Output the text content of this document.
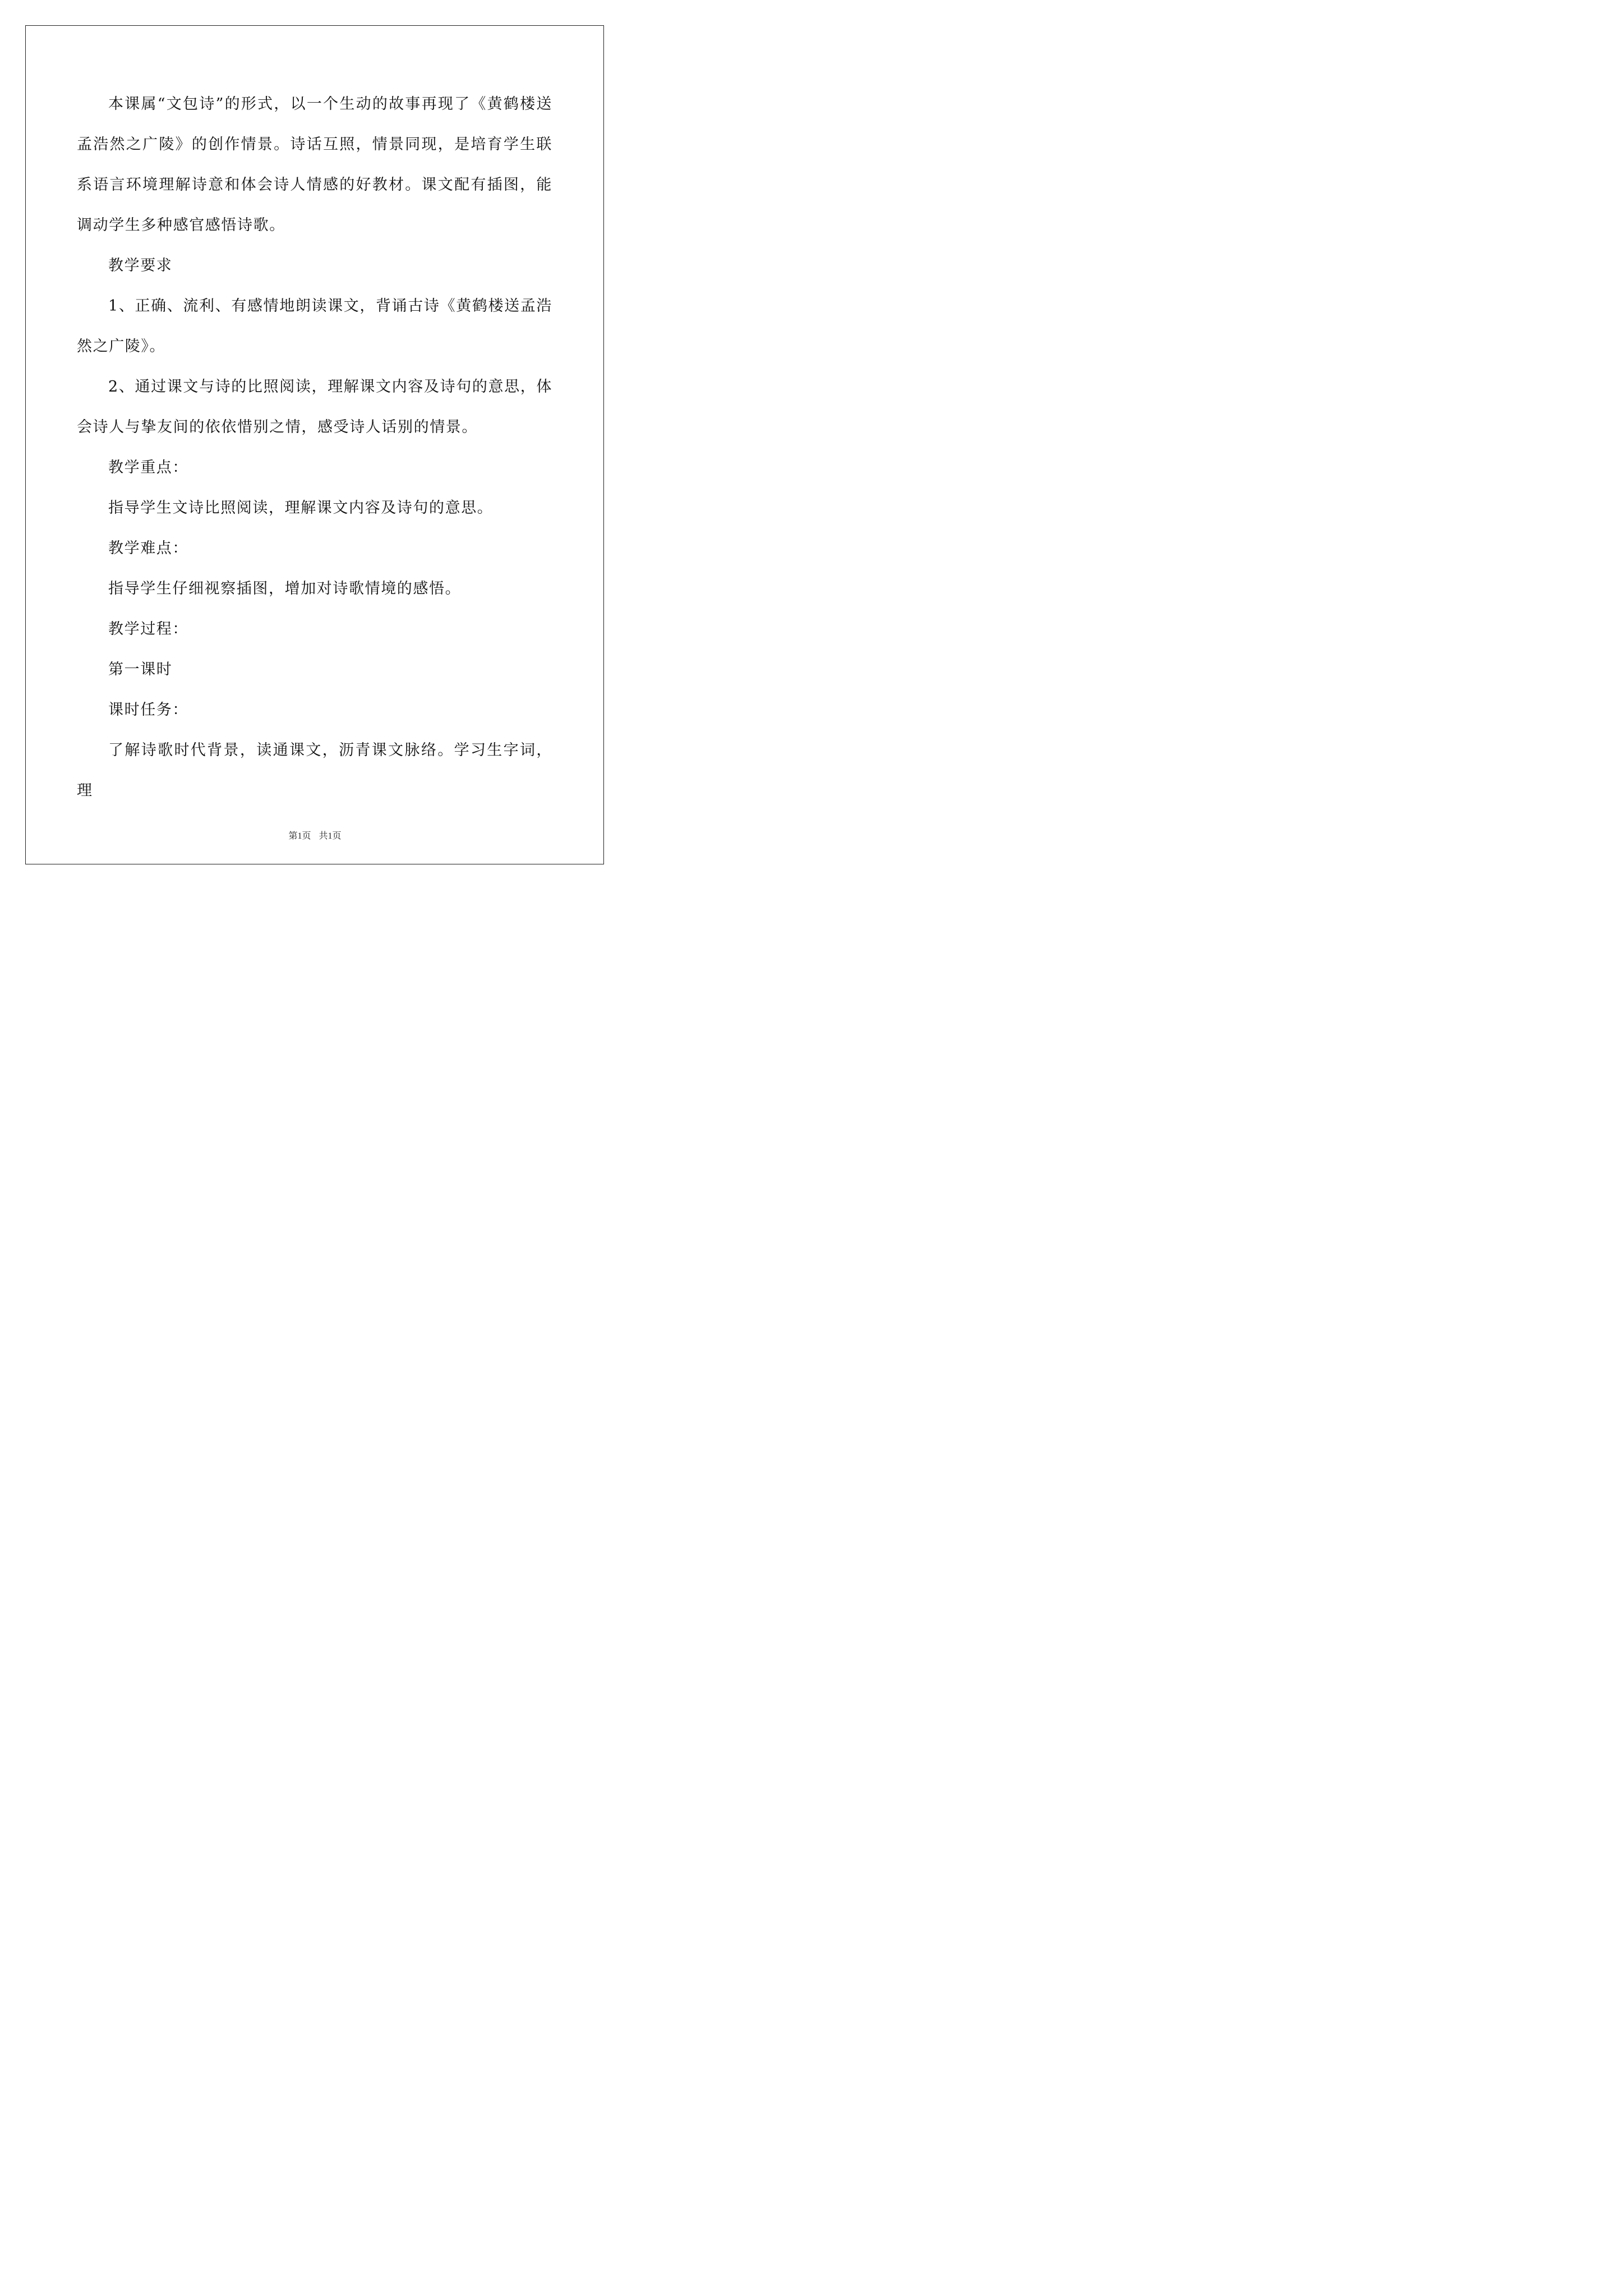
本课属“文包诗”的形式，以一个生动的故事再现了《黄鹤楼送孟浩然之广陵》的创作情景。诗话互照，情景同现，是培育学生联系语言环境理解诗意和体会诗人情感的好教材。课文配有插图，能调动学生多种感官感悟诗歌。

教学要求

1、正确、流利、有感情地朗读课文，背诵古诗《黄鹤楼送孟浩然之广陵》。

2、通过课文与诗的比照阅读，理解课文内容及诗句的意思，体会诗人与挚友间的依依惜别之情，感受诗人话别的情景。

教学重点：

指导学生文诗比照阅读，理解课文内容及诗句的意思。

教学难点：

指导学生仔细视察插图，增加对诗歌情境的感悟。

教学过程：

第一课时

课时任务：

了解诗歌时代背景，读通课文，沥青课文脉络。学习生字词，理

第1页 共1页
